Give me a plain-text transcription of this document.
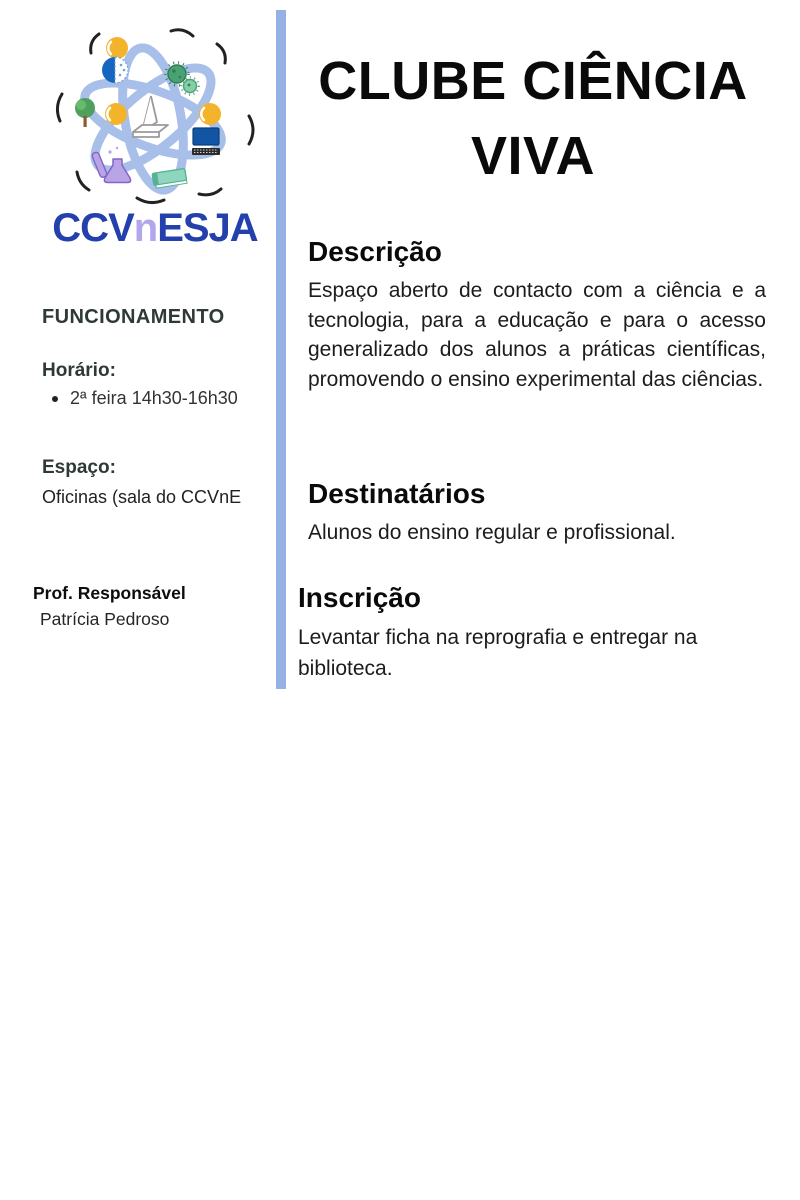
CCVnESJA
FUNCIONAMENTO
Horário:
2ª feira 14h30-16h30
Espaço:
Oficinas (sala do CCVnE
Prof. Responsável
Patrícia Pedroso
CLUBE CIÊNCIA
VIVA
Descrição

Espaço aberto de contacto com a ciência e a tecnologia, para a educação e para o acesso generalizado dos alunos a práticas científicas, promovendo o ensino experimental das ciências.

Destinatários

Alunos do ensino regular e profissional.

Inscrição

Levantar ficha na reprografia e entregar na biblioteca.
